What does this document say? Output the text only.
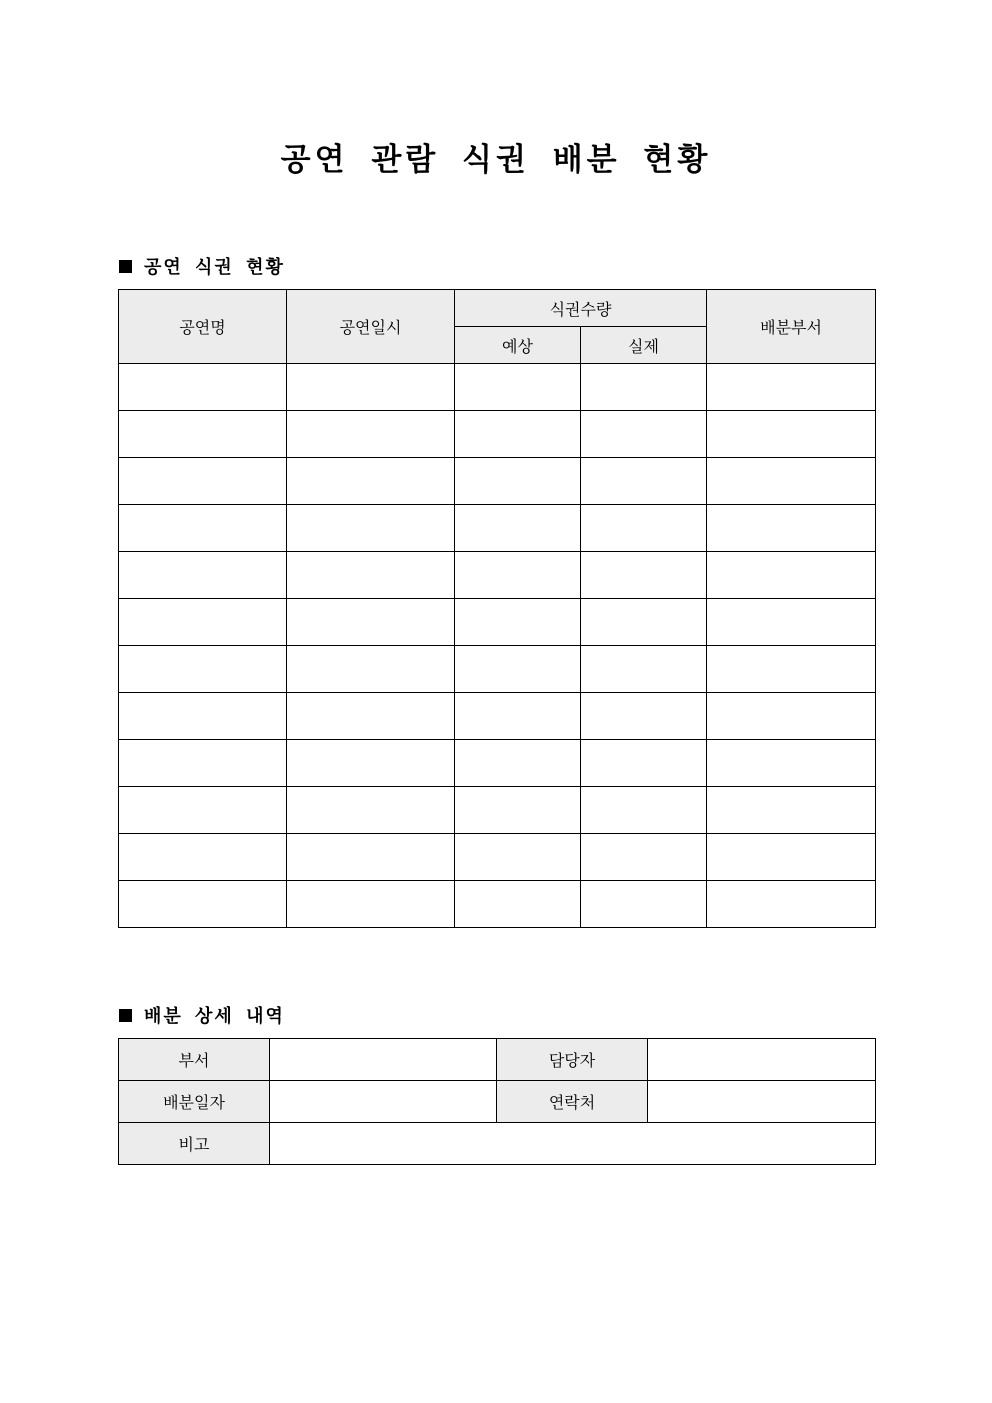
공연 관람 식권 배분 현황
공연 식권 현황
공연명	공연일시	식권수량		배분부서
		예상	실제	

배분 상세 내역
부서		담당자	
배분일자		연락처	
비고			
